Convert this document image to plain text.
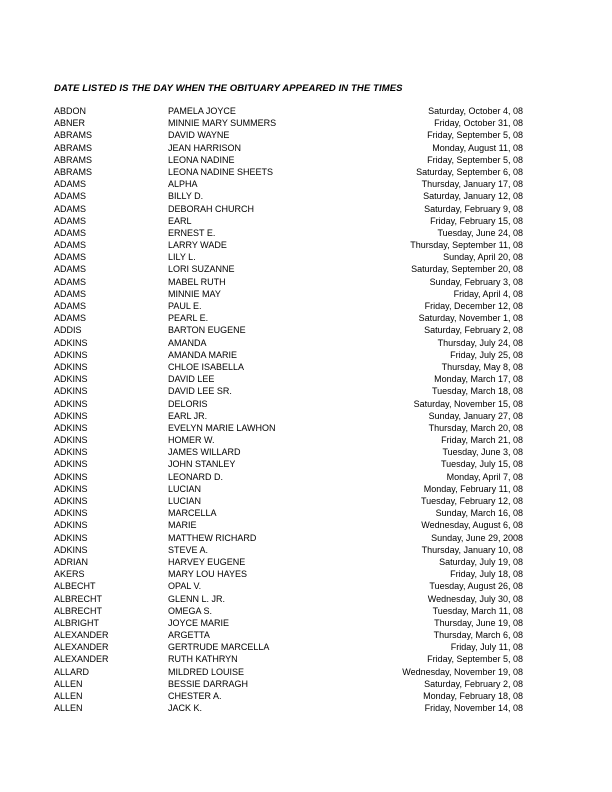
DATE LISTED IS THE DAY WHEN THE OBITUARY APPEARED IN THE TIMES
ABDON	PAMELA JOYCE	Saturday, October 4, 08
ABNER	MINNIE MARY SUMMERS	Friday, October 31, 08
ABRAMS	DAVID WAYNE	Friday, September 5, 08
ABRAMS	JEAN HARRISON	Monday, August 11, 08
ABRAMS	LEONA NADINE	Friday, September 5, 08
ABRAMS	LEONA NADINE SHEETS	Saturday, September 6, 08
ADAMS	ALPHA	Thursday, January 17, 08
ADAMS	BILLY D.	Saturday, January 12, 08
ADAMS	DEBORAH CHURCH	Saturday, February 9, 08
ADAMS	EARL	Friday, February 15, 08
ADAMS	ERNEST E.	Tuesday, June 24, 08
ADAMS	LARRY WADE	Thursday, September 11, 08
ADAMS	LILY L.	Sunday, April 20, 08
ADAMS	LORI SUZANNE	Saturday, September 20, 08
ADAMS	MABEL RUTH	Sunday, February 3, 08
ADAMS	MINNIE MAY	Friday, April 4, 08
ADAMS	PAUL E.	Friday, December 12, 08
ADAMS	PEARL E.	Saturday, November 1, 08
ADDIS	BARTON EUGENE	Saturday, February 2, 08
ADKINS	AMANDA	Thursday, July 24, 08
ADKINS	AMANDA MARIE	Friday, July 25, 08
ADKINS	CHLOE ISABELLA	Thursday, May 8, 08
ADKINS	DAVID LEE	Monday, March 17, 08
ADKINS	DAVID LEE SR.	Tuesday, March 18, 08
ADKINS	DELORIS	Saturday, November 15, 08
ADKINS	EARL JR.	Sunday, January 27, 08
ADKINS	EVELYN MARIE LAWHON	Thursday, March 20, 08
ADKINS	HOMER W.	Friday, March 21, 08
ADKINS	JAMES WILLARD	Tuesday, June 3, 08
ADKINS	JOHN STANLEY	Tuesday, July 15, 08
ADKINS	LEONARD D.	Monday, April 7, 08
ADKINS	LUCIAN	Monday, February 11, 08
ADKINS	LUCIAN	Tuesday, February 12, 08
ADKINS	MARCELLA	Sunday, March 16, 08
ADKINS	MARIE	Wednesday, August 6, 08
ADKINS	MATTHEW RICHARD	Sunday, June 29, 2008
ADKINS	STEVE A.	Thursday, January 10, 08
ADRIAN	HARVEY EUGENE	Saturday, July 19, 08
AKERS	MARY LOU HAYES	Friday, July 18, 08
ALBECHT	OPAL V.	Tuesday, August 26, 08
ALBRECHT	GLENN L. JR.	Wednesday, July 30, 08
ALBRECHT	OMEGA S.	Tuesday, March 11, 08
ALBRIGHT	JOYCE MARIE	Thursday, June 19, 08
ALEXANDER	ARGETTA	Thursday, March 6, 08
ALEXANDER	GERTRUDE MARCELLA	Friday, July 11, 08
ALEXANDER	RUTH KATHRYN	Friday, September 5, 08
ALLARD	MILDRED LOUISE	Wednesday, November 19, 08
ALLEN	BESSIE DARRAGH	Saturday, February 2, 08
ALLEN	CHESTER A.	Monday, February 18, 08
ALLEN	JACK K.	Friday, November 14, 08
